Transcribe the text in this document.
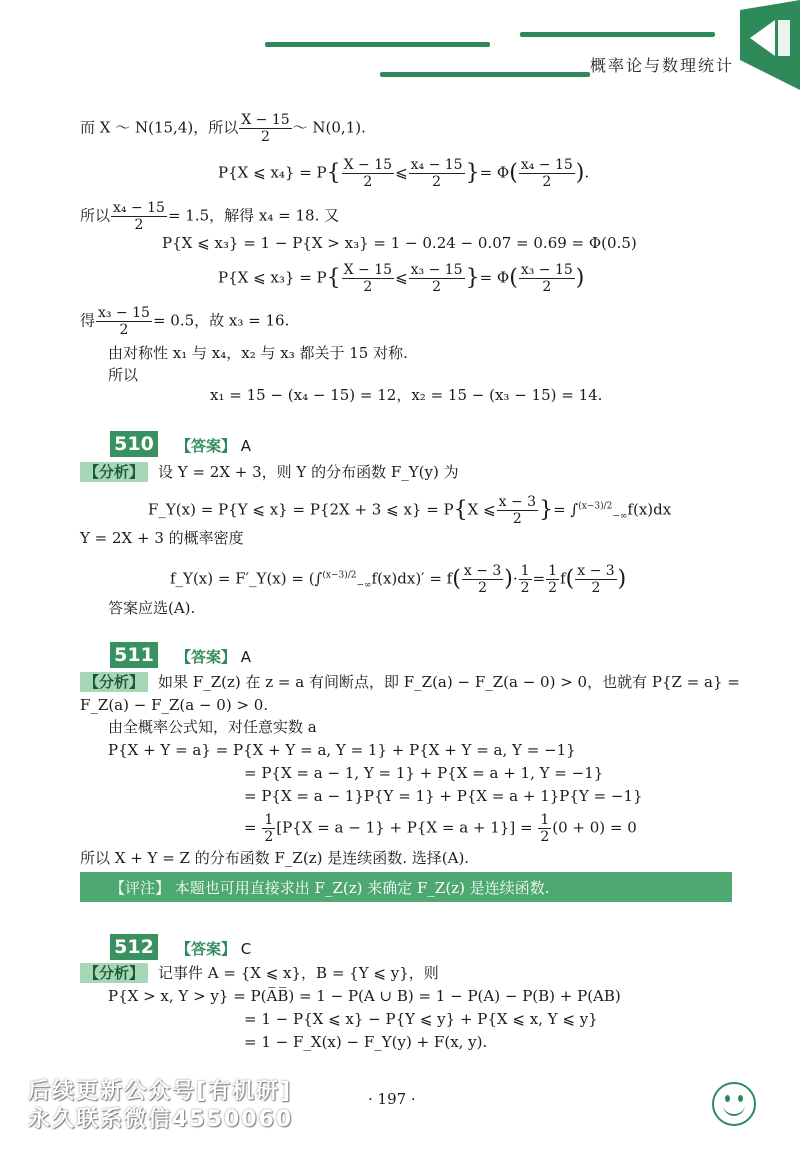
概率论与数理统计
而 X ～ N(15,4)，所以 $\frac{X - 15}{2}$ ～ N(0,1).
P{X ⩽ $x_4\} = P\{ \frac{X - 15}{2}$ ⩽ $\frac{\text{x₄ − 15}}{2}$ }= $\Phi( \frac{\text{x₄ − 15}}{2}$ ).
所以 $\frac{\text{x₄ − 15}}{2} = 1.5$，解得 x₄ = 18. 又
P{X ⩽ x₃} = 1 − P{X > x₃} = 1 − 0.24 − 0.07 = 0.69 = Φ(0.5)
P{X ⩽ $x_3\} = P\{ \frac{X - 15}{2}$ ⩽ $\frac{\text{x₃ − 15}}{2}$ }= $\Phi( \frac{\text{x₃ − 15}}{2}$ )
得 $\frac{\text{x₃ − 15}}{2} = 0.5$，故 x₃ = 16.
由对称性 x₁ 与 x₄，x₂ 与 x₃ 都关于 15 对称.
所以
x₁ = 15 − (x₄ − 15) = 12，x₂ = 15 − (x₃ − 15) = 14.
510 【答案】 A
【分析】 设 Y = 2X + 3，则 Y 的分布函数 F_Y(y) 为
F_Y(x) = P{Y ⩽ x} = P{2X + 3 ⩽ x} = P{X ⩽ $\frac{x - 3}{2}$ }= ∫$^{(x-3)/2}_{-\infty}$f(x)dx
Y = 2X + 3 的概率密度
f_Y(x) = F′_Y(x) = $(\int^{(x-3)/2}_{-\infty}f(x)dx)' = f( \frac{x - 3}{2}$ )· $\frac{1}{2} = \frac{1}{2} f( \frac{x - 3}{2}$ )
答案应选(A).
511 【答案】 A
【分析】 如果 F_Z(z) 在 z = a 有间断点，即 F_Z(a) − F_Z(a − 0) > 0，也就有 P{Z = a} =
F_Z(a) − F_Z(a − 0) > 0.
由全概率公式知，对任意实数 a
P{X + Y = a} = P{X + Y = a, Y = 1} + P{X + Y = a, Y = −1}
= P{X = a − 1, Y = 1} + P{X = a + 1, Y = −1}
= P{X = a − 1}P{Y = 1} + P{X = a + 1}P{Y = −1}
= $\frac{1}{2} [P\{X = a - 1\} + P\{X = a + 1\}] = \frac{1}{2} (0 + 0) = 0$
所以 X + Y = Z 的分布函数 F_Z(z) 是连续函数. 选择(A).
【评注】 本题也可用直接求出 F_Z(z) 来确定 F_Z(z) 是连续函数.
512 【答案】 C
【分析】 记事件 A = {X ⩽ x}，B = {Y ⩽ y}，则
P{X > x, Y > y} = P(A̅B̅) = 1 − P(A ∪ B) = 1 − P(A) − P(B) + P(AB)
= 1 − P{X ⩽ x} − P{Y ⩽ y} + P{X ⩽ x, Y ⩽ y}
= 1 − F_X(x) − F_Y(y) + F(x, y).
后续更新公众号[有机研]
永久联系微信4550060
· 197 ·
